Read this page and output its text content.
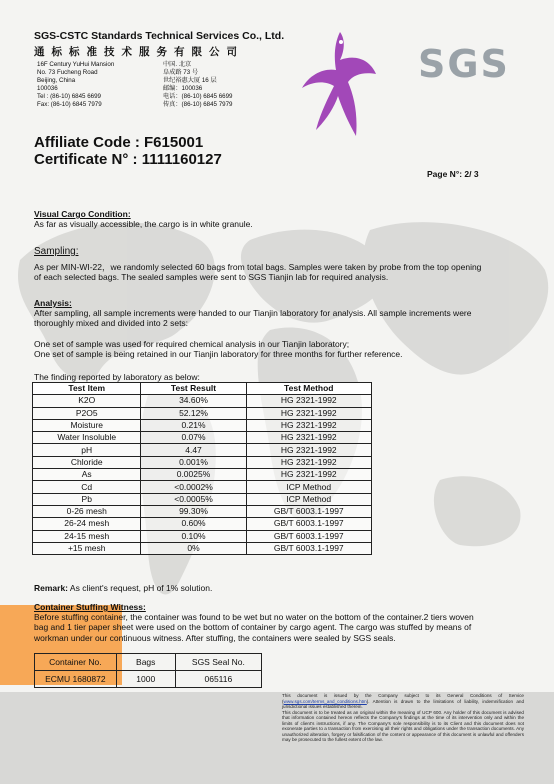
SGS-CSTC Standards Technical Services Co., Ltd.
通标标准技术服务有限公司
16F Century YuHui Mansion
No. 73 Fucheng Road
Beijing, China
100036
Tel : (86-10) 6845 6699
Fax: (86-10) 6845 7979
中国. 北京
阜成路 73 号
世纪裕惠大厦 16 层
邮编：100036
电话：(86-10) 6845 6699
传真：(86-10) 6845 7979
SGS
Affiliate Code : F615001
Certificate N° : 1111160127
Page N°: 2/ 3
Visual Cargo Condition:
As far as visually accessible, the cargo is in white granule.
Sampling:
As per MIN-WI-22，we randomly selected 60 bags from total bags. Samples were taken by probe from the top opening
of each selected bags. The sealed samples were sent to SGS Tianjin lab for required analysis.
Analysis:
After sampling, all sample increments were handed to our Tianjin laboratory for analysis. All sample increments were
thoroughly mixed and divided into 2 sets:
One set of sample was used for required chemical analysis in our Tianjin laboratory;
One set of sample is being retained in our Tianjin laboratory for three months for further reference.
The finding reported by laboratory as below:
Test Item	Test Result	Test Method
K2O	34.60%	HG 2321-1992
P2O5	52.12%	HG 2321-1992
Moisture	0.21%	HG 2321-1992
Water Insoluble	0.07%	HG 2321-1992
pH	4.47	HG 2321-1992
Chloride	0.001%	HG 2321-1992
As	0.0025%	HG 2321-1992
Cd	<0.0002%	ICP Method
Pb	<0.0005%	ICP Method
0-26 mesh	99.30%	GB/T 6003.1-1997
26-24 mesh	0.60%	GB/T 6003.1-1997
24-15 mesh	0.10%	GB/T 6003.1-1997
+15 mesh	0%	GB/T 6003.1-1997
Remark: As client's request, pH of 1% solution.
Container Stuffing Witness:
Before stuffing container, the container was found to be wet but no water on the bottom of the container.2 tiers woven
bag and 1 tier paper sheet were used on the bottom of container by cargo agent. The cargo was stuffed by means of
workman under our continuous witness. After stuffing, the containers were sealed by SGS seals.
Container No.	Bags	SGS Seal No.
ECMU 1680872	1000	065116
This document is issued by the Company subject to its General Conditions of Service (www.sgs.com/terms_and_conditions.htm). Attention is drawn to the limitations of liability, indemnification and jurisdictional issues established therein.
This document is to be treated as an original within the meaning of UCP 600. Any holder of this document is advised that information contained hereon reflects the Company's findings at the time of its intervention only and within the limits of client's instructions, if any. The Company's sole responsibility is to its Client and this document does not exonerate parties to a transaction from exercising all their rights and obligations under the transaction documents. Any unauthorized alteration, forgery or falsification of the content or appearance of this document is unlawful and offenders may be prosecuted to the fullest extent of the law.
